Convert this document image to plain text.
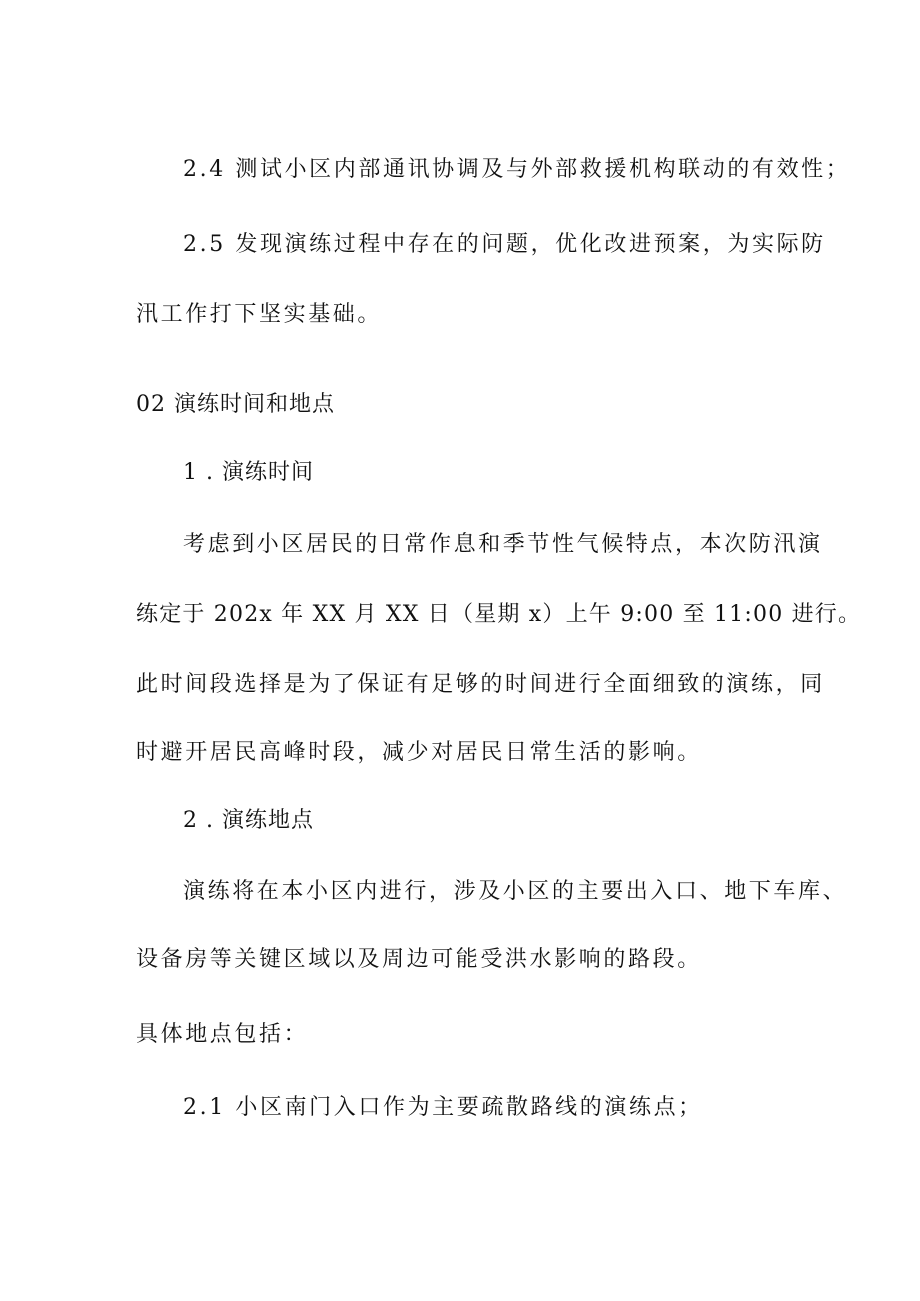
2.4 测试小区内部通讯协调及与外部救援机构联动的有效性；
2.5 发现演练过程中存在的问题，优化改进预案，为实际防
汛工作打下坚实基础。
02 演练时间和地点
1 . 演练时间
考虑到小区居民的日常作息和季节性气候特点，本次防汛演
练定于 202x 年 XX 月 XX 日（星期 x）上午 9:00 至 11:00 进行。
此时间段选择是为了保证有足够的时间进行全面细致的演练，同
时避开居民高峰时段，减少对居民日常生活的影响。
2 . 演练地点
演练将在本小区内进行，涉及小区的主要出入口、地下车库、
设备房等关键区域以及周边可能受洪水影响的路段。
具体地点包括：
2.1 小区南门入口作为主要疏散路线的演练点；
